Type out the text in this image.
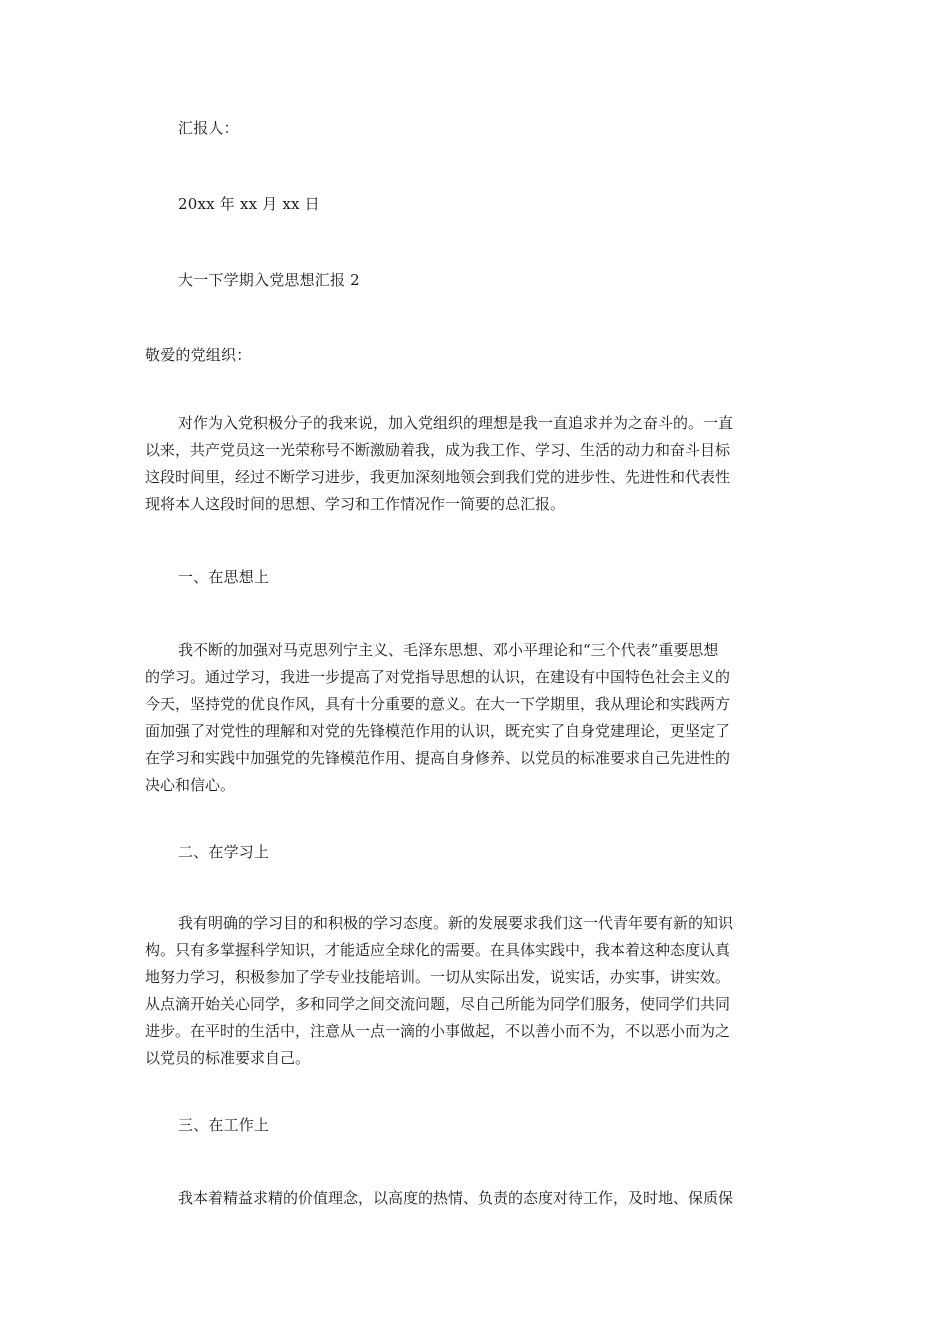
汇报人：
20xx 年 xx 月 xx 日
大一下学期入党思想汇报 2
敬爱的党组织：
对作为入党积极分子的我来说，加入党组织的理想是我一直追求并为之奋斗的。一直
以来，共产党员这一光荣称号不断激励着我，成为我工作、学习、生活的动力和奋斗目标
这段时间里，经过不断学习进步，我更加深刻地领会到我们党的进步性、先进性和代表性
现将本人这段时间的思想、学习和工作情况作一简要的总汇报。
一、在思想上
我不断的加强对马克思列宁主义、毛泽东思想、邓小平理论和“三个代表”重要思想
的学习。通过学习，我进一步提高了对党指导思想的认识，在建设有中国特色社会主义的
今天，坚持党的优良作风，具有十分重要的意义。在大一下学期里，我从理论和实践两方
面加强了对党性的理解和对党的先锋模范作用的认识，既充实了自身党建理论，更坚定了
在学习和实践中加强党的先锋模范作用、提高自身修养、以党员的标准要求自己先进性的
决心和信心。
二、在学习上
我有明确的学习目的和积极的学习态度。新的发展要求我们这一代青年要有新的知识
构。只有多掌握科学知识，才能适应全球化的需要。在具体实践中，我本着这种态度认真
地努力学习，积极参加了学专业技能培训。一切从实际出发，说实话，办实事，讲实效。
从点滴开始关心同学，多和同学之间交流问题，尽自己所能为同学们服务，使同学们共同
进步。在平时的生活中，注意从一点一滴的小事做起，不以善小而不为，不以恶小而为之
以党员的标准要求自己。
三、在工作上
我本着精益求精的价值理念，以高度的热情、负责的态度对待工作，及时地、保质保
